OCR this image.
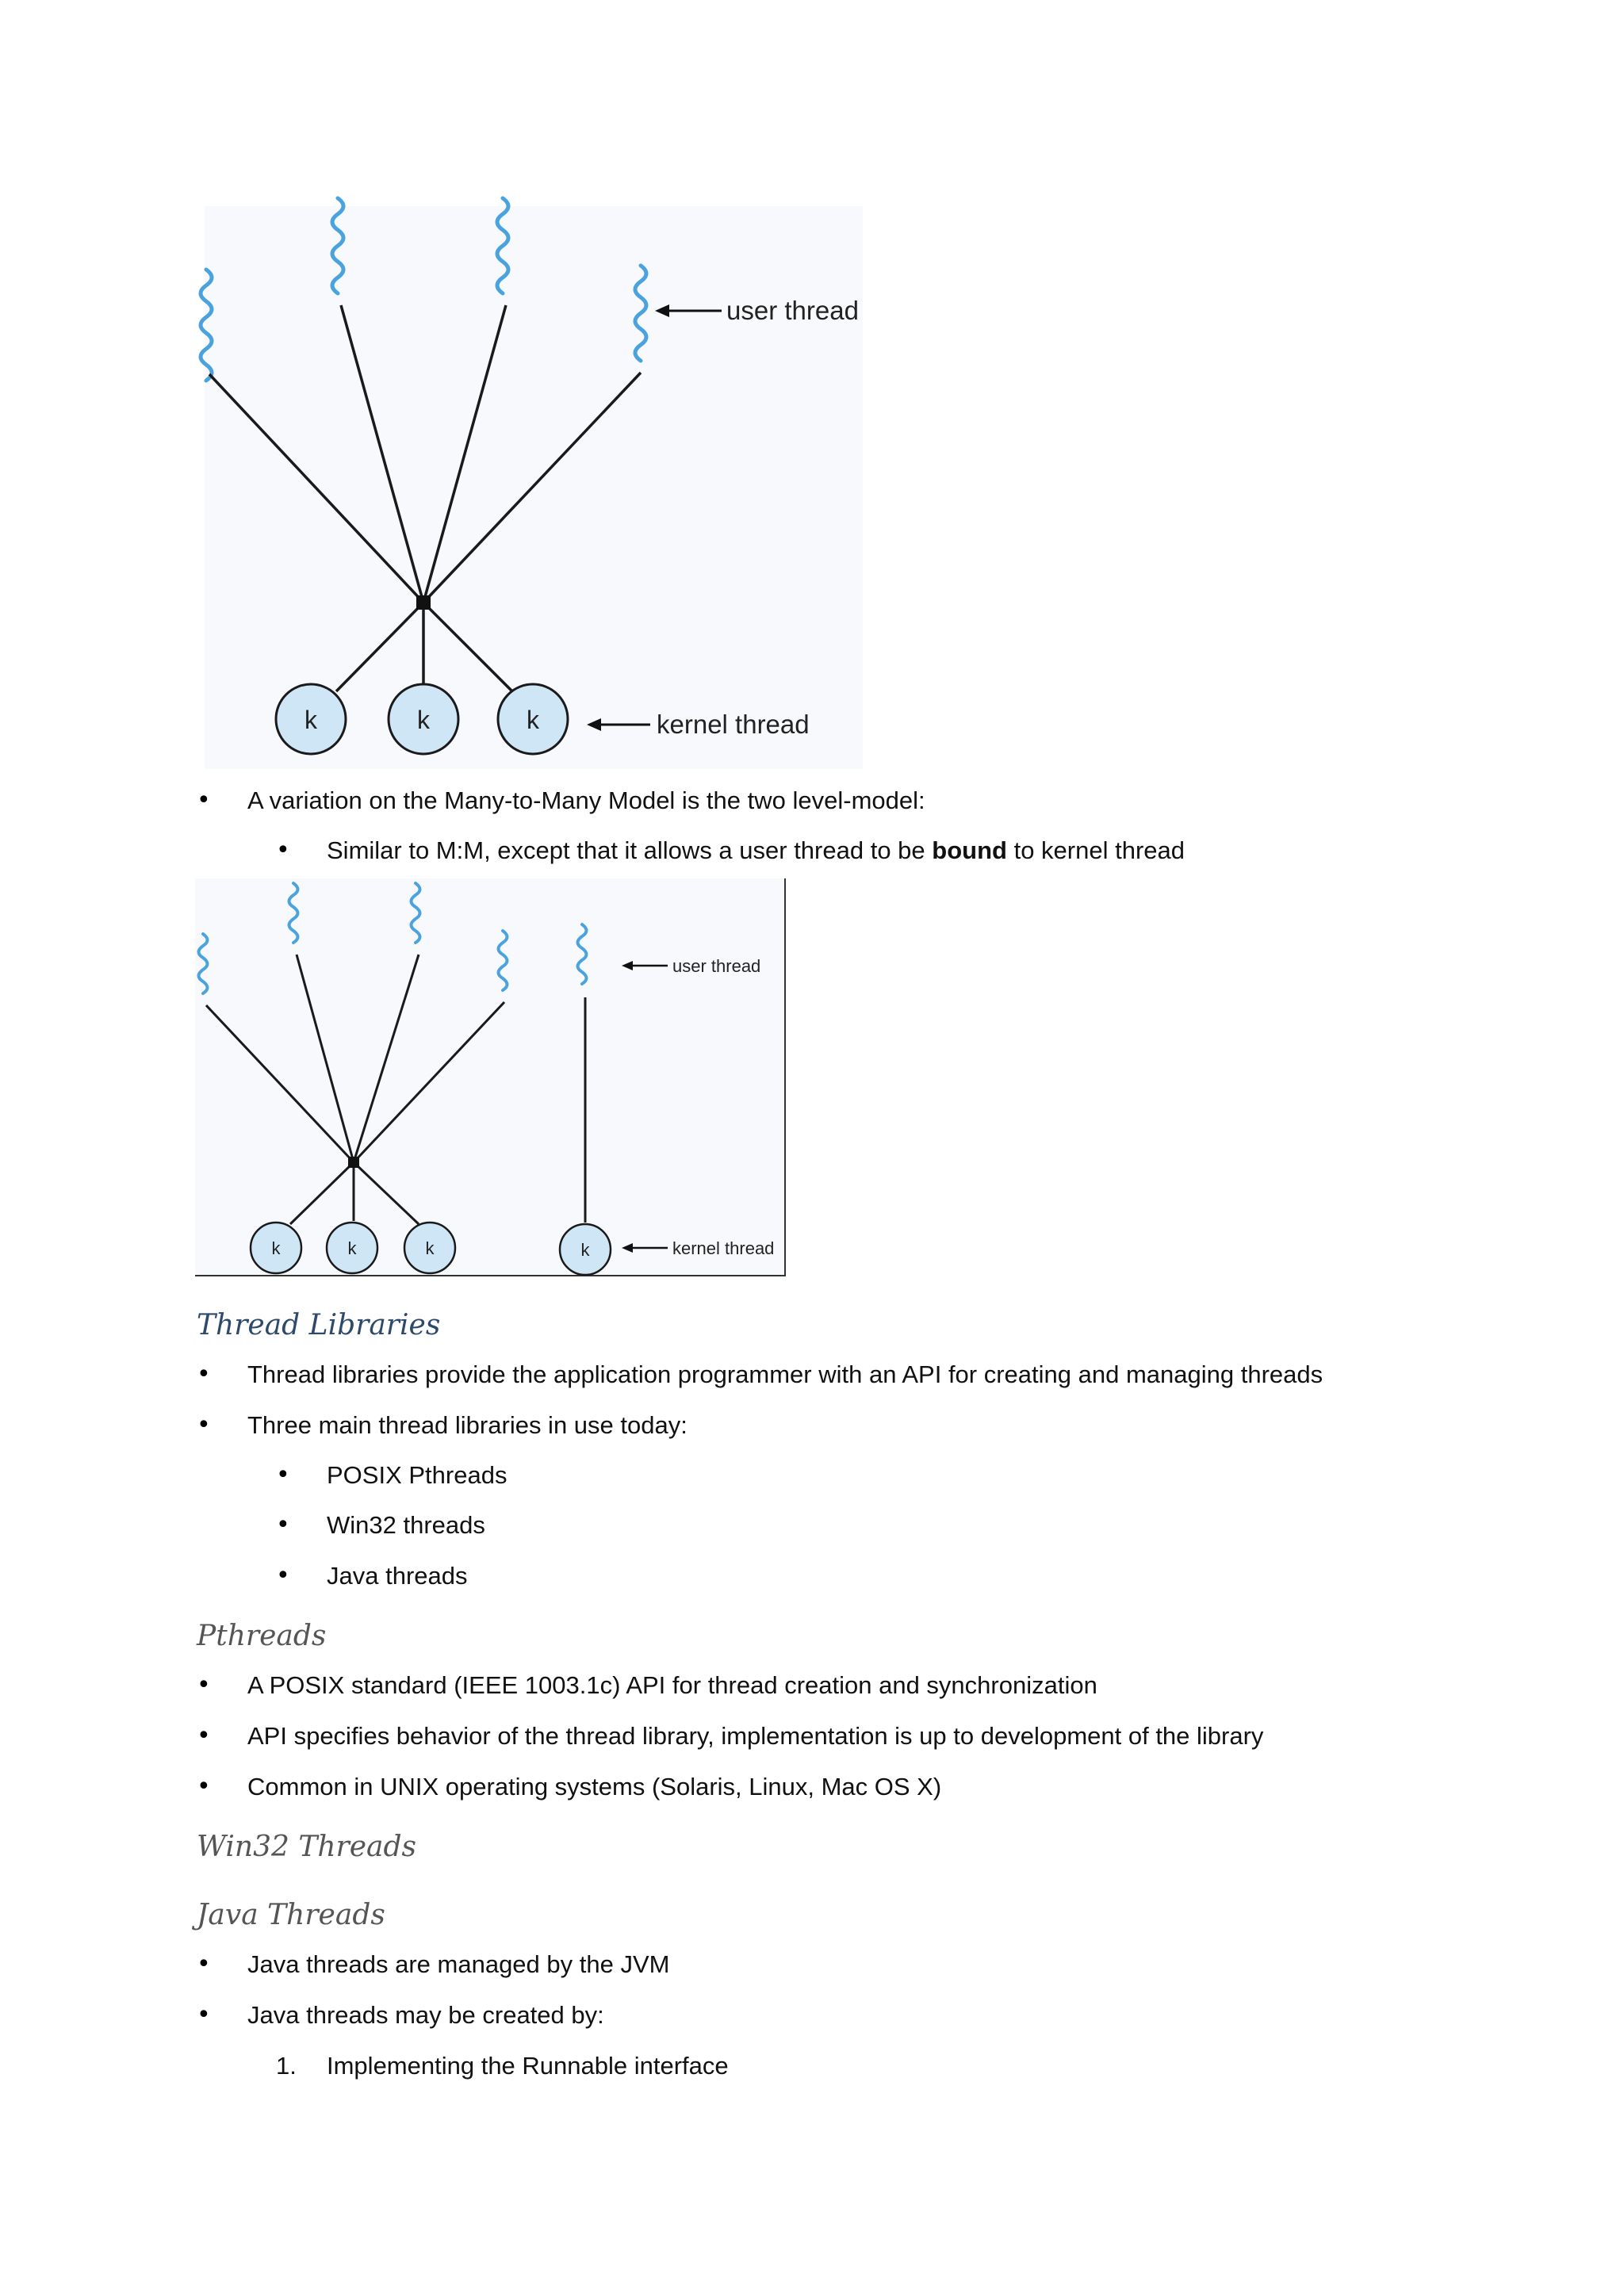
k	k	k
user thread
kernel thread
• A variation on the Many-to-Many Model is the two level-model:
• Similar to M:M, except that it allows a user thread to be bound to kernel thread
k	k	k	k
user thread
kernel thread
Thread Libraries
• Thread libraries provide the application programmer with an API for creating and managing threads
• Three main thread libraries in use today:
• POSIX Pthreads
• Win32 threads
• Java threads
Pthreads
• A POSIX standard (IEEE 1003.1c) API for thread creation and synchronization
• API specifies behavior of the thread library, implementation is up to development of the library
• Common in UNIX operating systems (Solaris, Linux, Mac OS X)
Win32 Threads
Java Threads
• Java threads are managed by the JVM
• Java threads may be created by:
1. Implementing the Runnable interface
